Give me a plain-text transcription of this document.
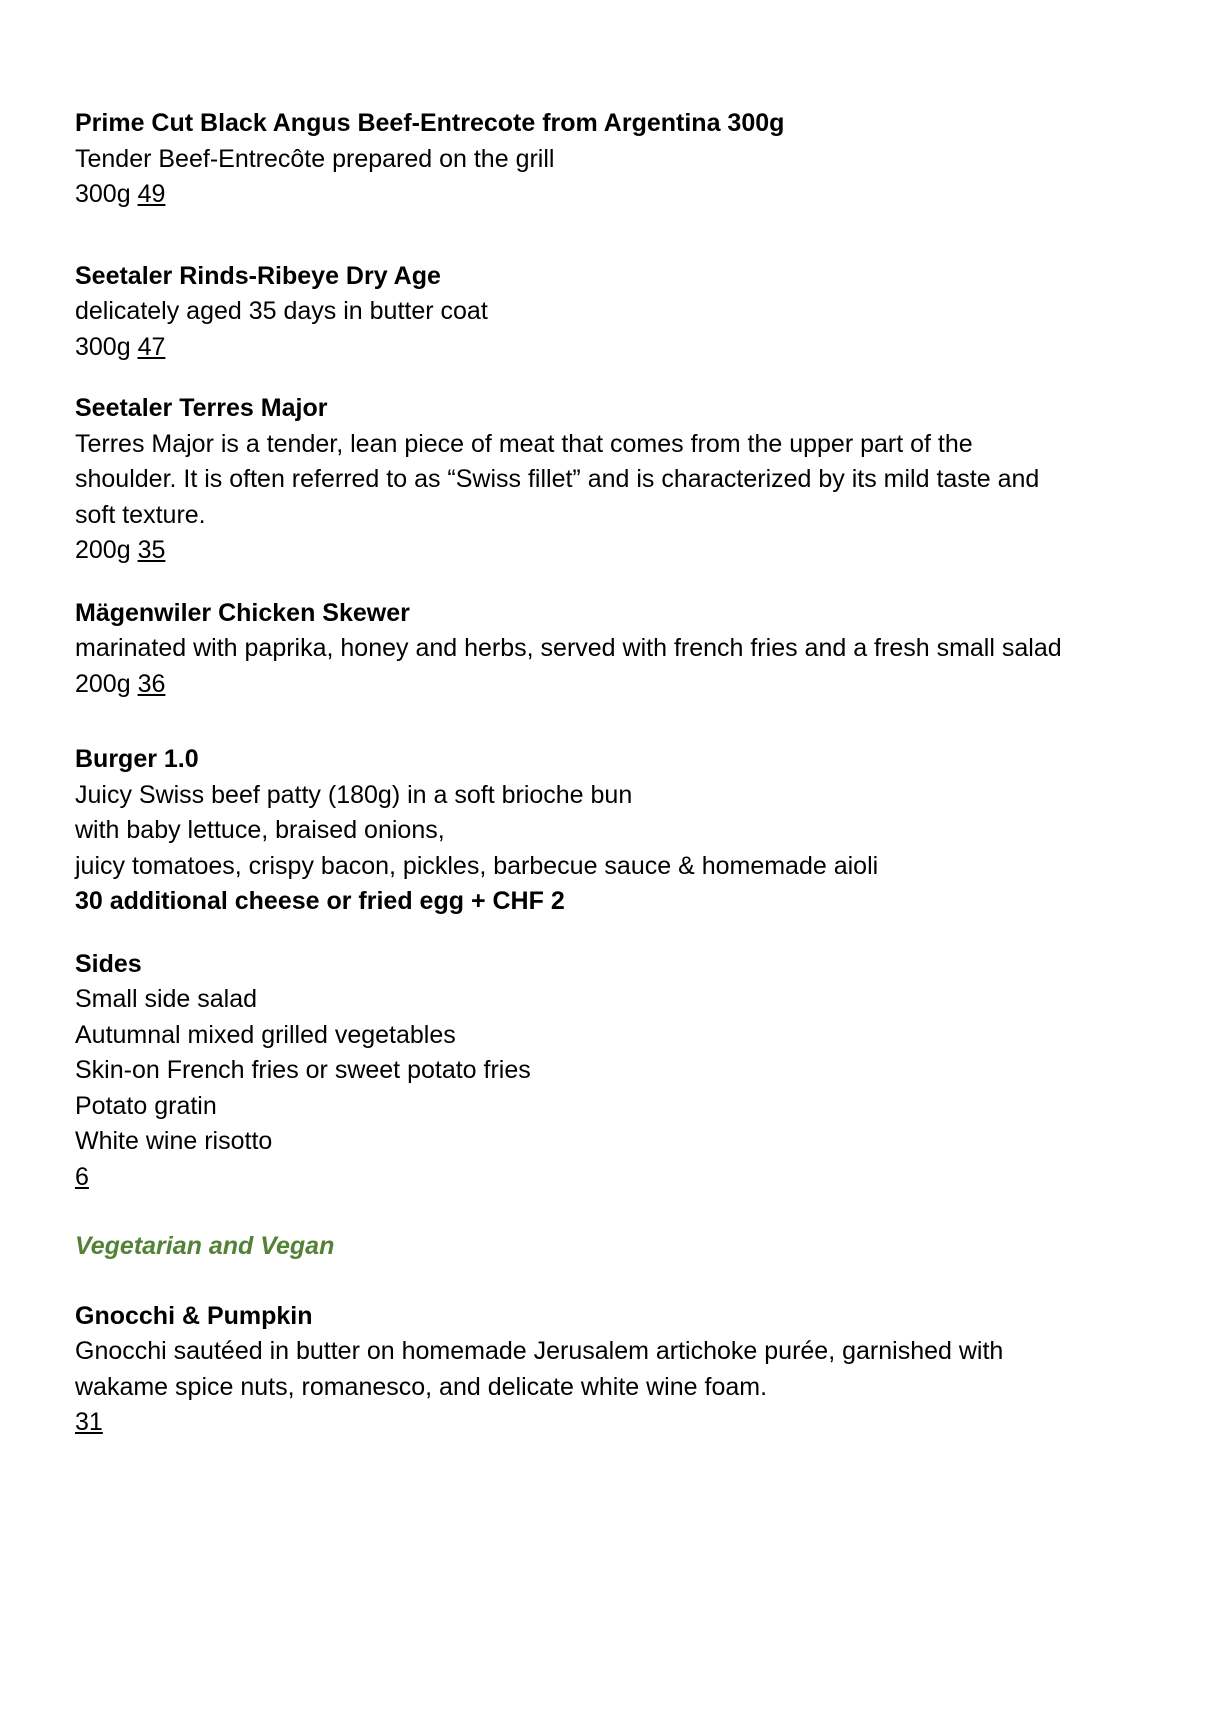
Prime Cut Black Angus Beef-Entrecote from Argentina 300g
Tender Beef-Entrecôte prepared on the grill
300g 49
Seetaler Rinds-Ribeye Dry Age
delicately aged 35 days in butter coat
300g 47
Seetaler Terres Major
Terres Major is a tender, lean piece of meat that comes from the upper part of the
shoulder. It is often referred to as “Swiss fillet” and is characterized by its mild taste and
soft texture.
200g 35
Mägenwiler Chicken Skewer
marinated with paprika, honey and herbs, served with french fries and a fresh small salad
200g 36
Burger 1.0
Juicy Swiss beef patty (180g) in a soft brioche bun
with baby lettuce, braised onions,
juicy tomatoes, crispy bacon, pickles, barbecue sauce & homemade aioli
30 additional cheese or fried egg + CHF 2
Sides
Small side salad
Autumnal mixed grilled vegetables
Skin-on French fries or sweet potato fries
Potato gratin
White wine risotto
6
Vegetarian and Vegan
Gnocchi & Pumpkin
Gnocchi sautéed in butter on homemade Jerusalem artichoke purée, garnished with
wakame spice nuts, romanesco, and delicate white wine foam.
31
